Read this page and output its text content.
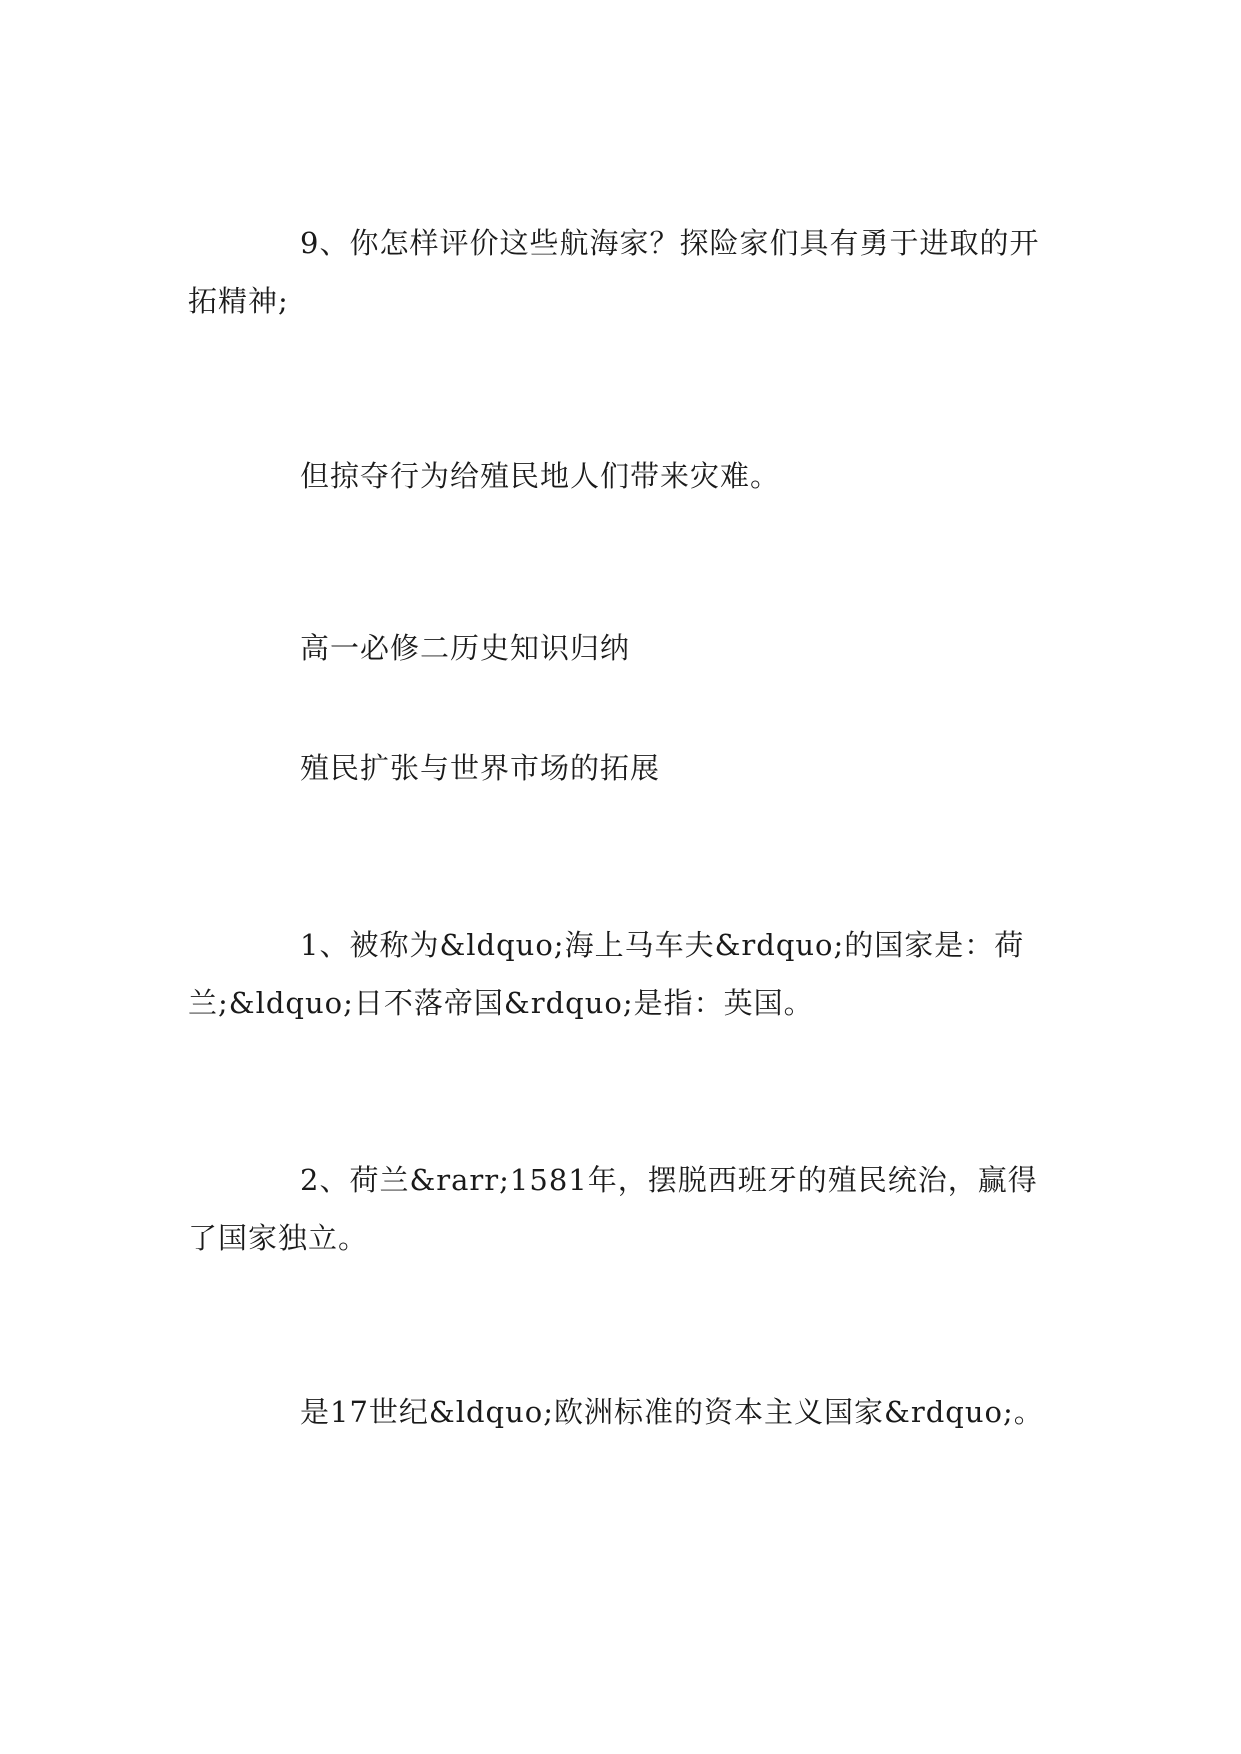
9、你怎样评价这些航海家？探险家们具有勇于进取的开拓精神;

但掠夺行为给殖民地人们带来灾难。

高一必修二历史知识归纳

殖民扩张与世界市场的拓展

1、被称为&ldquo;海上马车夫&rdquo;的国家是：荷兰;&ldquo;日不落帝国&rdquo;是指：英国。

2、荷兰&rarr;1581年，摆脱西班牙的殖民统治，赢得了国家独立。

是17世纪&ldquo;欧洲标准的资本主义国家&rdquo;。
